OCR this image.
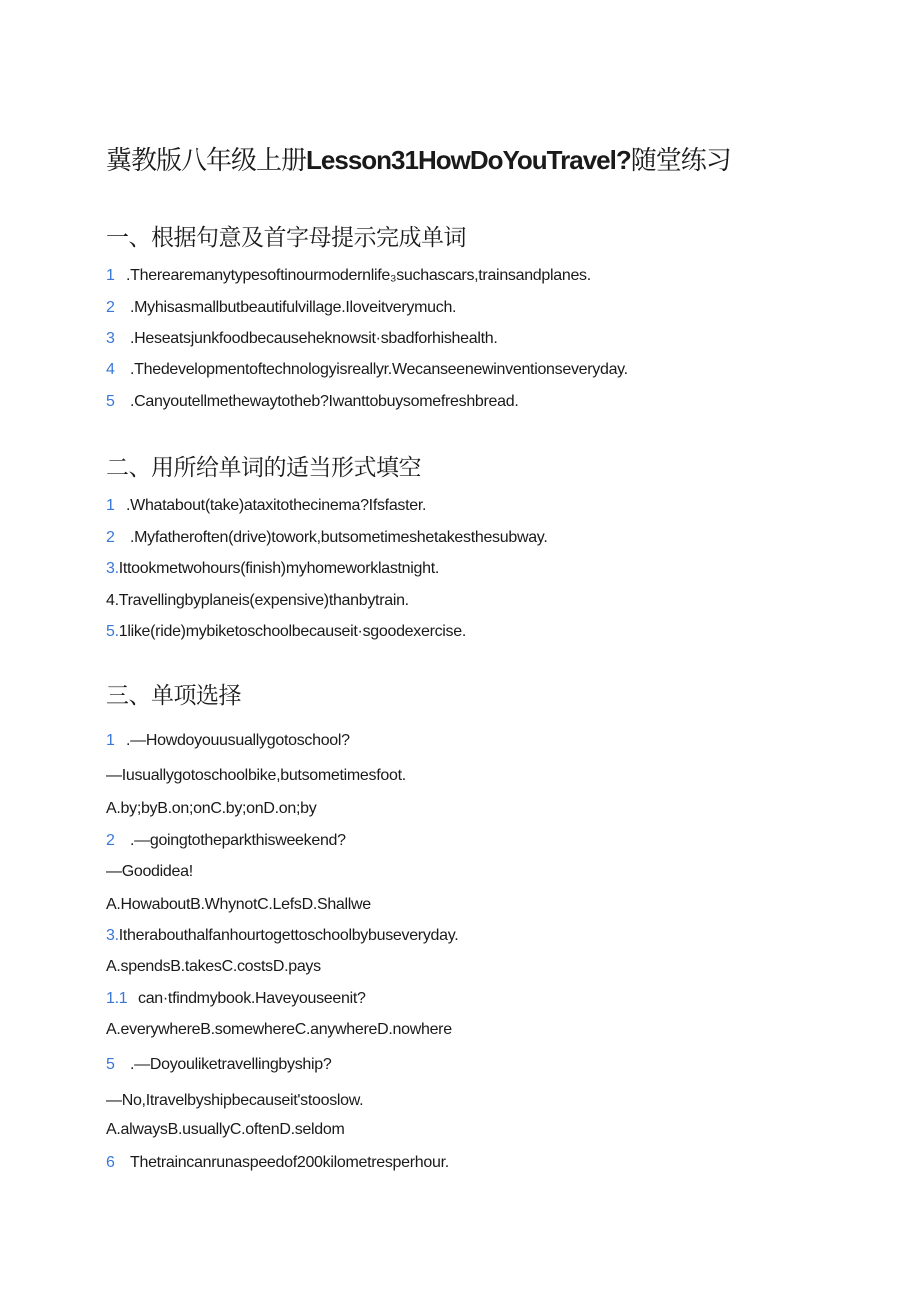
冀教版八年级上册Lesson31HowDoYouTravel?随堂练习
一、根据句意及首字母提示完成单词
1 .Therearemanytypesoftinourmodernlife₃suchascars,trainsandplanes.
2 .Myhisasmallbutbeautifulvillage.Iloveitverymuch.
3 .Heseatsjunkfoodbecauseheknowsit·sbadforhishealth.
4 .Thedevelopmentoftechnologyisreallyr.Wecanseenewinventionseveryday.
5 .Canyoutellmethewaytotheb?Iwanttobuysomefreshbread.
二、用所给单词的适当形式填空
1 .Whatabout(take)ataxitothecinema?Ifsfaster.
2 .Myfatheroften(drive)towork,butsometimeshetakesthesubway.
3.Ittookmetwohours(finish)myhomeworklastnight.
4.Travellingbyplaneis(expensive)thanbytrain.
5.1like(ride)mybiketoschoolbecauseit·sgoodexercise.
三、单项选择
1 .—Howdoyouusuallygotoschool?
—Iusuallygotoschoolbike,butsometimesfoot.
A.by;byB.on;onC.by;onD.on;by
2 .—goingtotheparkthisweekend?
—Goodidea!
A.HowaboutB.WhynotC.LefsD.Shallwe
3.Itherabouthalfanhourtogettoschoolbybuseveryday.
A.spendsB.takesC.costsD.pays
1.1 can·tfindmybook.Haveyouseenit?
A.everywhereB.somewhereC.anywhereD.nowhere
5 .—Doyouliketravellingbyship?
—No,Itravelbyshipbecauseit'stooslow.
A.alwaysB.usuallyC.oftenD.seldom
6 Thetraincanrunaspeedof200kilometresperhour.
